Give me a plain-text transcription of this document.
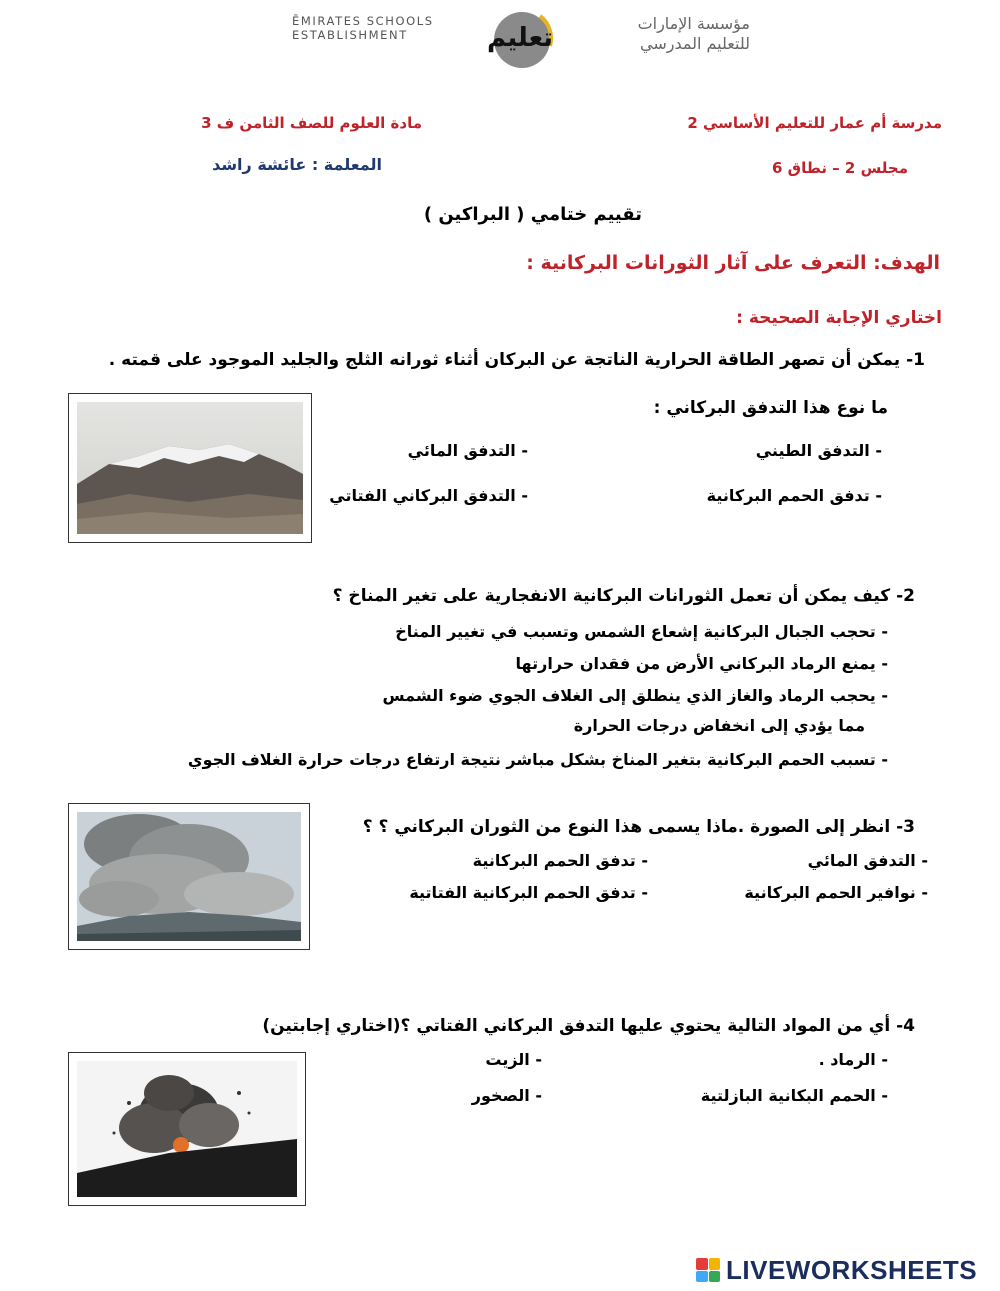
ĒMIRATES SCHOOLS
ESTABLISHMENT	تعليم	مؤسسة الإمارات
للتعليم المدرسي
مدرسة أم عمار للتعليم الأساسي 2
مادة العلوم للصف الثامن ف 3
مجلس 2 – نطاق 6
المعلمة : عائشة راشد
تقييم ختامي ( البراكين )
الهدف: التعرف على آثار الثورانات البركانية :
اختاري الإجابة الصحيحة :
1- يمكن أن تصهر الطاقة الحرارية الناتجة عن البركان أثناء ثورانه الثلج والجليد الموجود على قمته .
ما نوع هذا التدفق البركاني :
- التدفق الطيني
- التدفق المائي
- تدفق الحمم البركانية
- التدفق البركاني الفتاتي
2- كيف يمكن أن تعمل الثورانات البركانية الانفجارية على تغير المناخ ؟
- تحجب الجبال البركانية إشعاع الشمس وتسبب في تغيير المناخ
- يمنع الرماد البركاني الأرض من فقدان حرارتها
- يحجب الرماد والغاز الذي ينطلق إلى الغلاف الجوي ضوء الشمس
مما يؤدي إلى انخفاض درجات الحرارة
- تسبب الحمم البركانية بتغير المناخ بشكل مباشر نتيجة ارتفاع درجات حرارة الغلاف الجوي
3- انظر إلى الصورة .ماذا يسمى هذا النوع من الثوران البركاني ؟ ؟
- التدفق المائي
- تدفق الحمم البركانية
- نوافير الحمم البركانية
- تدفق الحمم البركانية الفتاتية
4- أي من المواد التالية يحتوي عليها التدفق البركاني الفتاتي ؟(اختاري إجابتين)
- الرماد .
- الزيت
- الحمم البكانية البازلتية
- الصخور
LIVEWORKSHEETS
